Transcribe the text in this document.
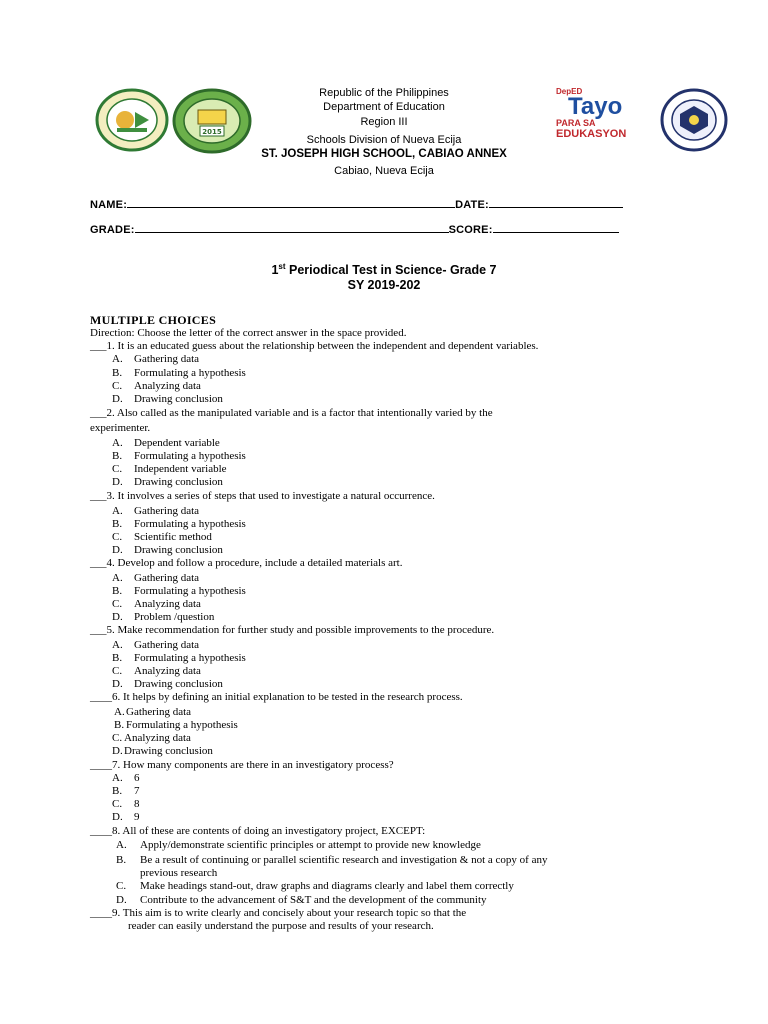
2015
DepED
Tayo
PARA SA
EDUKASYON
Republic of the Philippines
Department of Education
Region III
Schools Division of Nueva Ecija
ST. JOSEPH HIGH SCHOOL, CABIAO ANNEX
Cabiao, Nueva Ecija
NAME:	DATE:
GRADE:	SCORE:
1st Periodical Test in Science- Grade 7
SY 2019-202
MULTIPLE CHOICES
Direction: Choose the letter of the correct answer in the space provided.
___1. It is an educated guess about the relationship between the independent and dependent variables.
A. Gathering data
B. Formulating a hypothesis
C. Analyzing data
D. Drawing conclusion
___2. Also called as the manipulated variable and is a factor that intentionally varied by the
experimenter.
A. Dependent variable
B. Formulating a hypothesis
C. Independent variable
D. Drawing conclusion
___3. It involves a series of steps that used to investigate a natural occurrence.
A. Gathering data
B. Formulating a hypothesis
C. Scientific method
D. Drawing conclusion
___4. Develop and follow a procedure, include a detailed materials art.
A. Gathering data
B. Formulating a hypothesis
C. Analyzing data
D. Problem /question
___5. Make recommendation for further study and possible improvements to the procedure.
A. Gathering data
B. Formulating a hypothesis
C. Analyzing data
D. Drawing conclusion
____6. It helps by defining an initial explanation to be tested in the research process.
A.Gathering data
B. Formulating a hypothesis
C. Analyzing data
D.Drawing conclusion
____7. How many components are there in an investigatory process?
A. 6
B. 7
C. 8
D. 9
____8. All of these are contents of doing an investigatory project, EXCEPT:
A. Apply/demonstrate scientific principles or attempt to provide new knowledge
B. Be a result of continuing or parallel scientific research and investigation & not a copy of any
previous research
C. Make headings stand-out, draw graphs and diagrams clearly and label them correctly
D. Contribute to the advancement of S&T and the development of the community
____9. This aim is to write clearly and concisely about your research topic so that the
reader can easily understand the purpose and results of your research.
